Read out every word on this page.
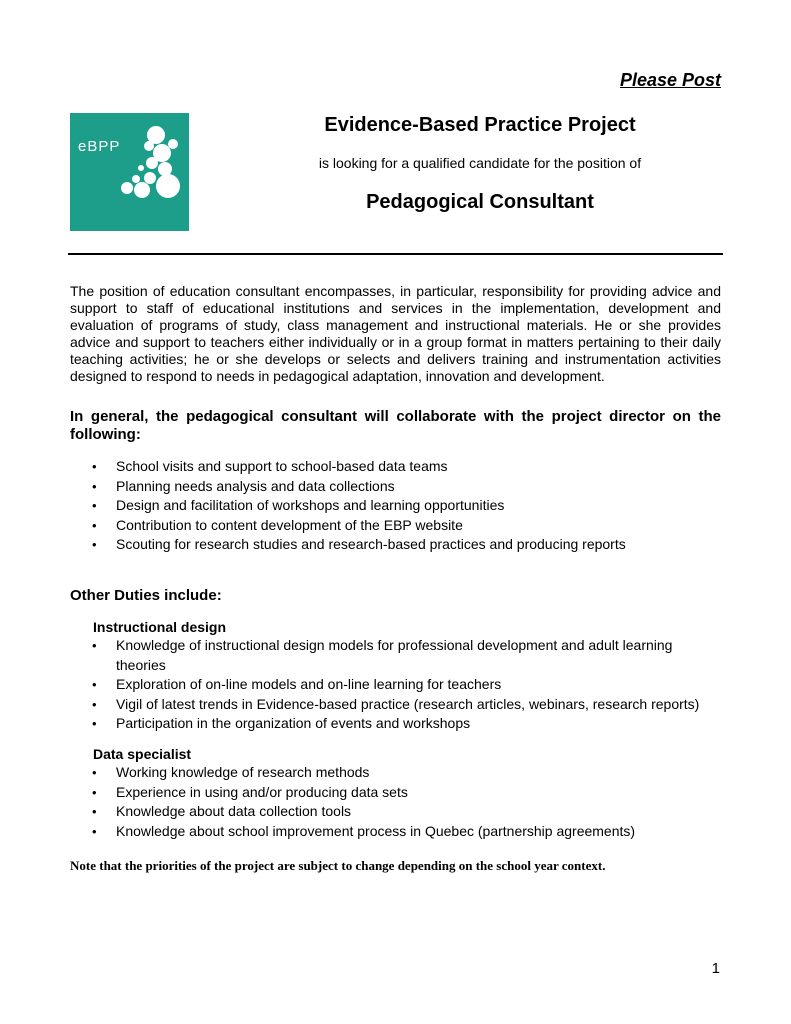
Please Post
eBPP
Evidence-Based Practice Project
is looking for a qualified candidate for the position of
Pedagogical Consultant
The position of education consultant encompasses, in particular, responsibility for providing advice and support to staff of educational institutions and services in the implementation, development and evaluation of programs of study, class management and instructional materials. He or she provides advice and support to teachers either individually or in a group format in matters pertaining to their daily teaching activities; he or she develops or selects and delivers training and instrumentation activities designed to respond to needs in pedagogical adaptation, innovation and development.
In general, the pedagogical consultant will collaborate with the project director on the following:
• School visits and support to school-based data teams
• Planning needs analysis and data collections
• Design and facilitation of workshops and learning opportunities
• Contribution to content development of the EBP website
• Scouting for research studies and research-based practices and producing reports
Other Duties include:
Instructional design
• Knowledge of instructional design models for professional development and adult learning theories
• Exploration of on-line models and on-line learning for teachers
• Vigil of latest trends in Evidence-based practice (research articles, webinars, research reports)
• Participation in the organization of events and workshops
Data specialist
• Working knowledge of research methods
• Experience in using and/or producing data sets
• Knowledge about data collection tools
• Knowledge about school improvement process in Quebec (partnership agreements)
Note that the priorities of the project are subject to change depending on the school year context.
1
